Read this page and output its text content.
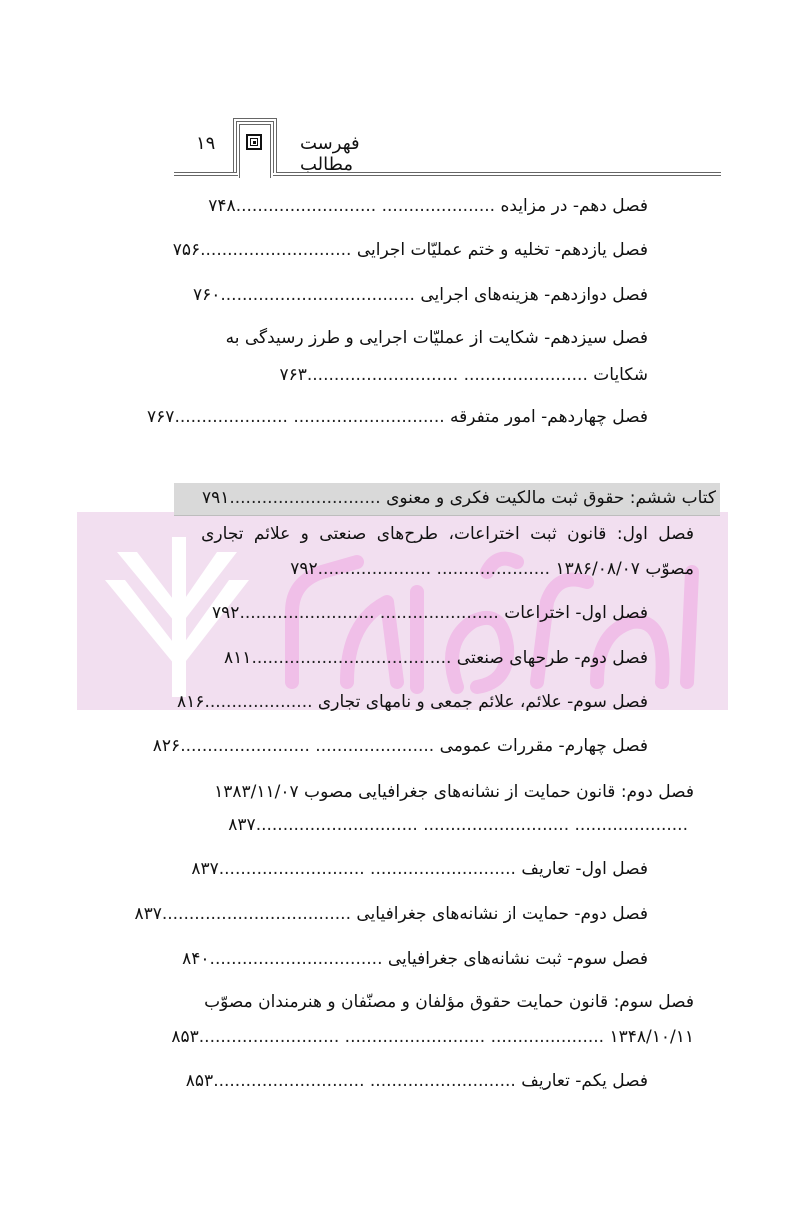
۱۹	فهرست مطالب
فصل دهم- در مزایده ..................... ..........................۷۴۸
فصل یازدهم- تخلیه و ختم عملیّات اجرایی ............................۷۵۶
فصل دوازدهم- هزینه‌های اجرایی ....................................۷۶۰
فصل سیزدهم- شکایت از عملیّات اجرایی و طرز رسیدگی به
شکایات ....................... ............................۷۶۳
فصل چهاردهم- امور متفرقه ............................ .....................۷۶۷
کتاب ششم: حقوق ثبت مالکیت فکری و معنوی ............................۷۹۱
فصل اول: قانون ثبت اختراعات، طرح‌های صنعتی و علائم تجاری
مصوّب ۱۳۸۶/۰۸/۰۷ ..................... .....................۷۹۲
فصل اول- اختراعات ...................... .........................۷۹۲
فصل دوم- طرحهای صنعتی .....................................۸۱۱
فصل سوم- علائم، علائم جمعی و نامهای تجاری ....................۸۱۶
فصل چهارم- مقررات عمومی ...................... ........................۸۲۶
فصل دوم: قانون حمایت از نشانه‌های جغرافیایی مصوب ۱۳۸۳/۱۱/۰۷
..................... ........................... ..............................۸۳۷
فصل اول- تعاریف ........................... ...........................۸۳۷
فصل دوم- حمایت از نشانه‌های جغرافیایی ...................................۸۳۷
فصل سوم- ثبت نشانه‌های جغرافیایی ................................۸۴۰
فصل سوم: قانون حمایت حقوق مؤلفان و مصنّفان و هنرمندان مصوّب
۱۳۴۸/۱۰/۱۱ ..................... .......................... ..........................۸۵۳
فصل یکم- تعاریف ........................... ............................۸۵۳
